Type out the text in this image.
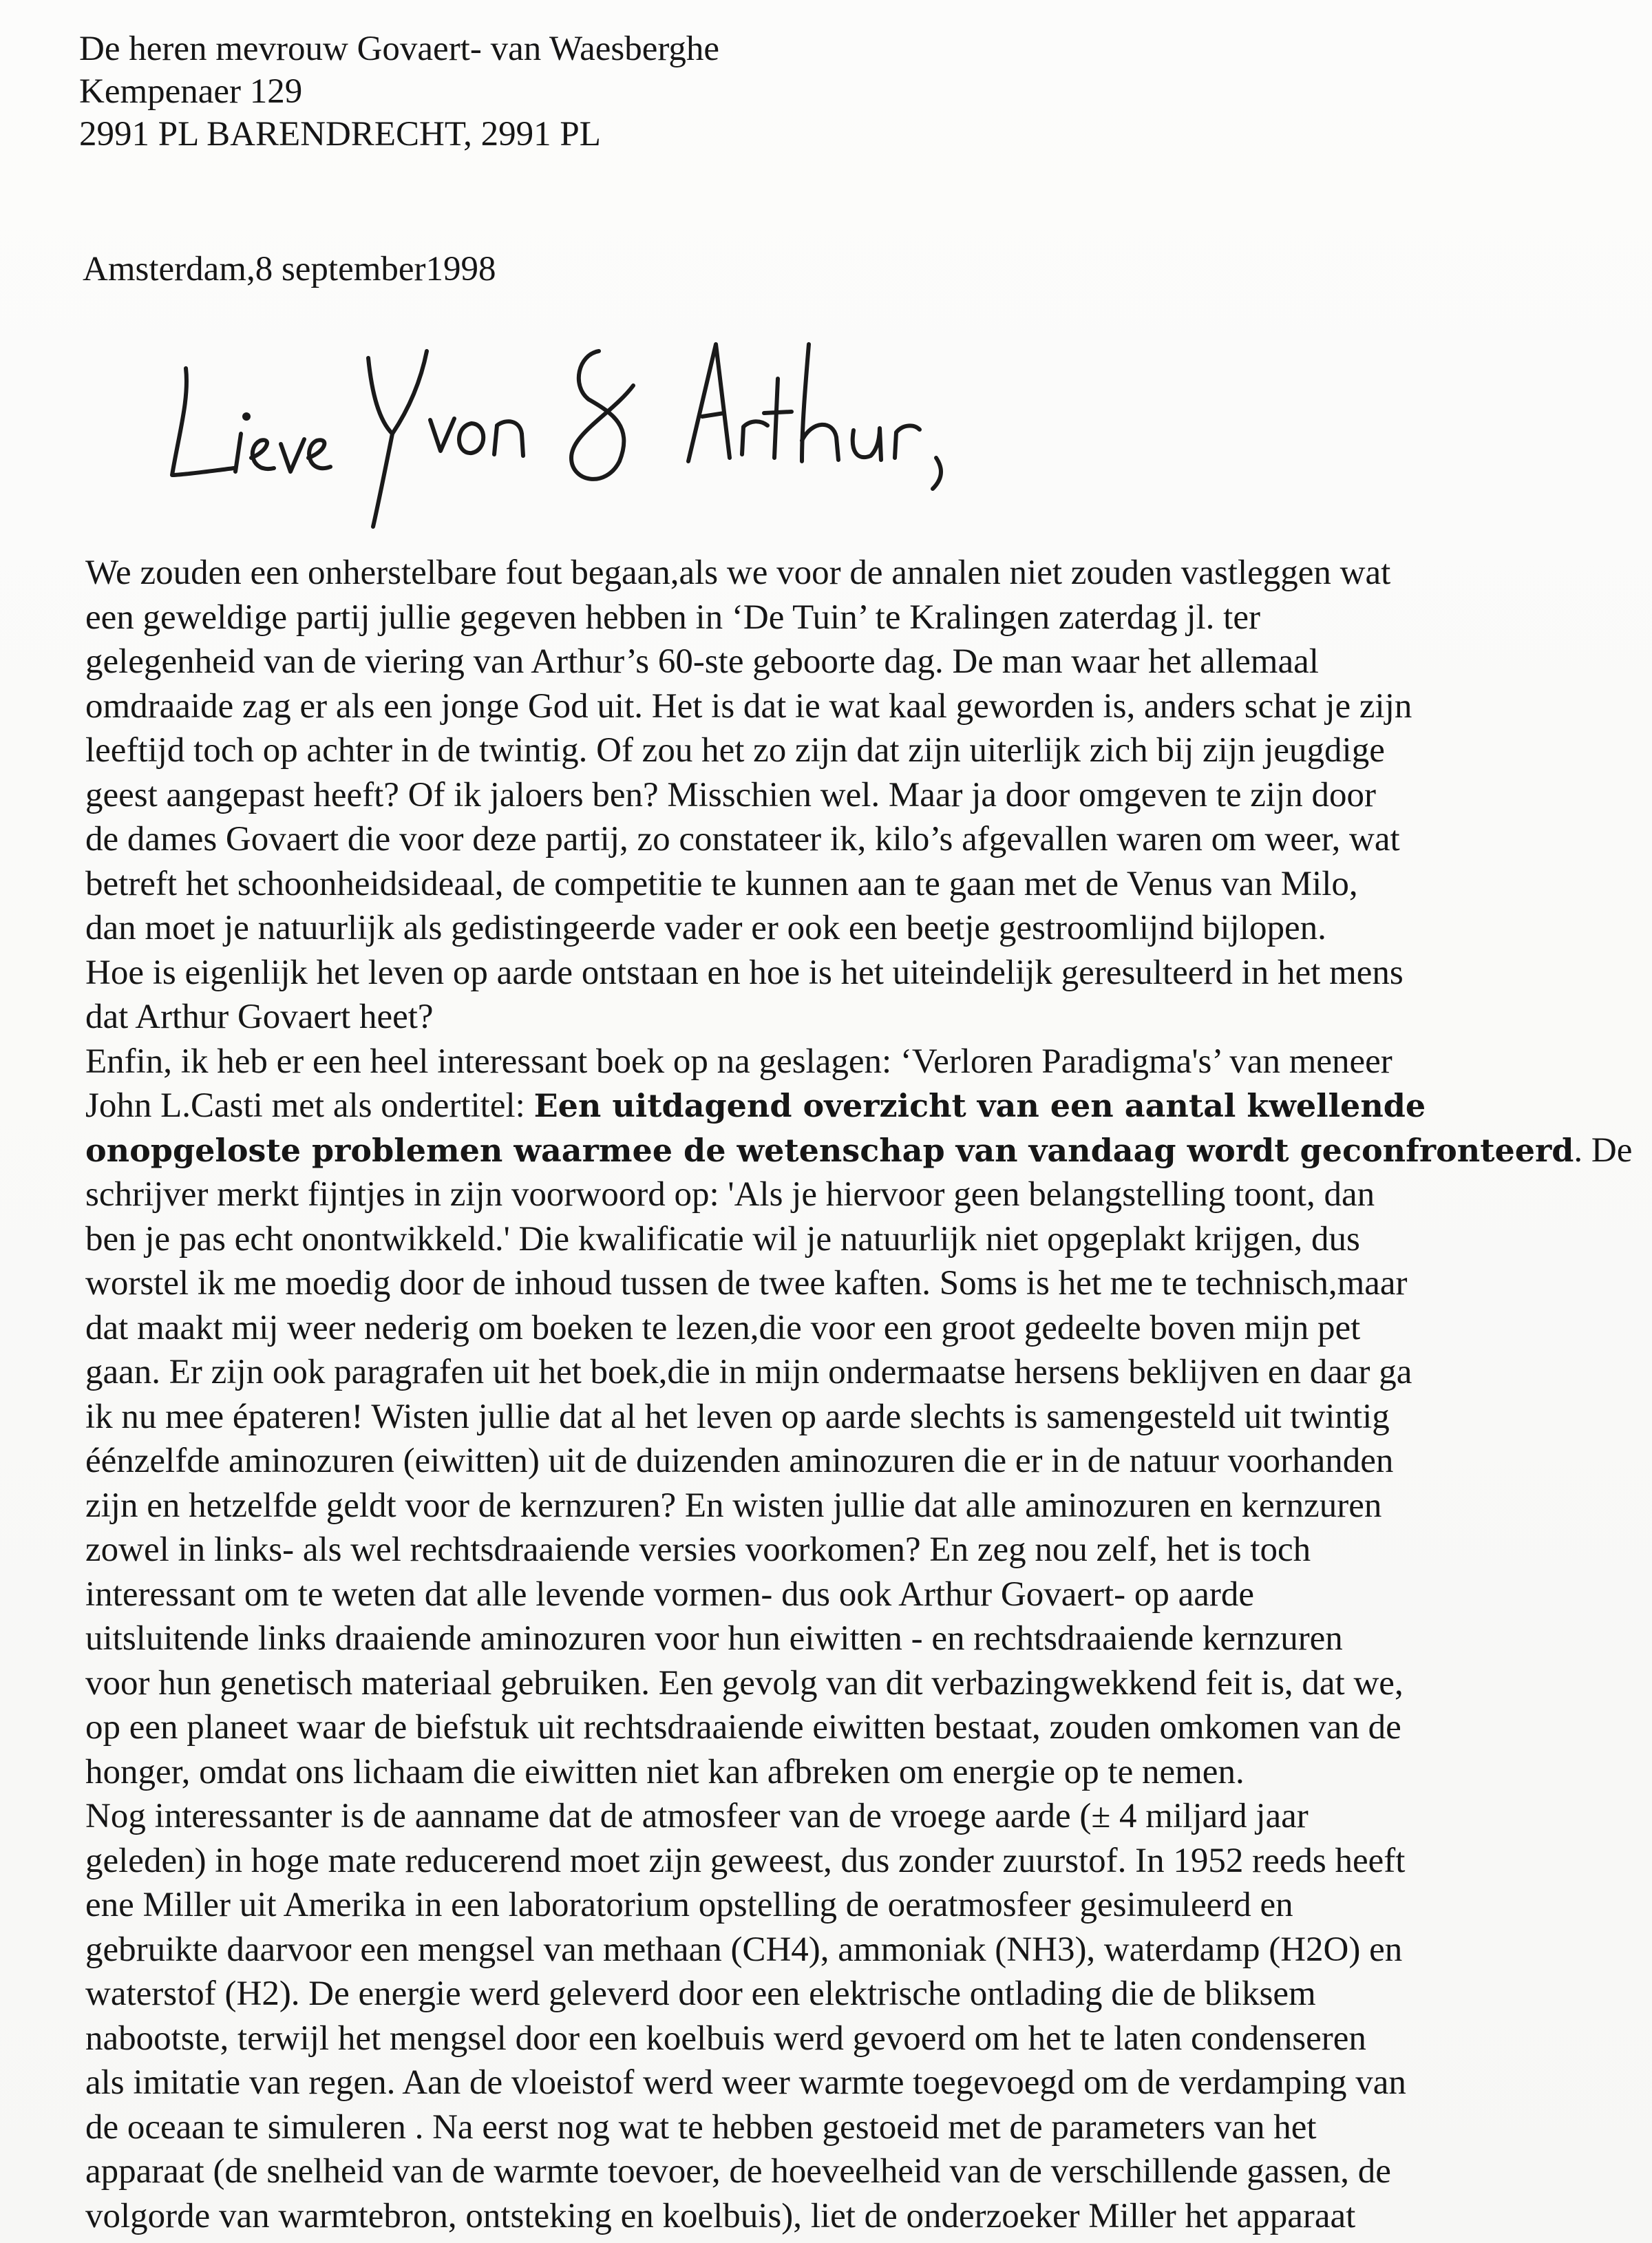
De heren mevrouw Govaert- van Waesberghe
Kempenaer 129
2991 PL BARENDRECHT, 2991 PL
Amsterdam,8 september1998
We zouden een onherstelbare fout begaan,als we voor de annalen niet zouden vastleggen wat
een geweldige partij jullie gegeven hebben in ‘De Tuin’ te Kralingen zaterdag jl. ter
gelegenheid van de viering van Arthur’s 60-ste geboorte dag. De man waar het allemaal
omdraaide zag er als een jonge God uit. Het is dat ie wat kaal geworden is, anders schat je zijn
leeftijd toch op achter in de twintig. Of zou het zo zijn dat zijn uiterlijk zich bij zijn jeugdige
geest aangepast heeft? Of ik jaloers ben? Misschien wel. Maar ja door omgeven te zijn door
de dames Govaert die voor deze partij, zo constateer ik, kilo’s afgevallen waren om weer, wat
betreft het schoonheidsideaal, de competitie te kunnen aan te gaan met de Venus van Milo,
dan moet je natuurlijk als gedistingeerde vader er ook een beetje gestroomlijnd bijlopen.
Hoe is eigenlijk het leven op aarde ontstaan en hoe is het uiteindelijk geresulteerd in het mens
dat Arthur Govaert heet?
Enfin, ik heb er een heel interessant boek op na geslagen: ‘Verloren Paradigma's’ van meneer
John L.Casti met als ondertitel: Een uitdagend overzicht van een aantal kwellende
onopgeloste problemen waarmee de wetenschap van vandaag wordt geconfronteerd. De
schrijver merkt fijntjes in zijn voorwoord op: 'Als je hiervoor geen belangstelling toont, dan
ben je pas echt onontwikkeld.' Die kwalificatie wil je natuurlijk niet opgeplakt krijgen, dus
worstel ik me moedig door de inhoud tussen de twee kaften. Soms is het me te technisch,maar
dat maakt mij weer nederig om boeken te lezen,die voor een groot gedeelte boven mijn pet
gaan. Er zijn ook paragrafen uit het boek,die in mijn ondermaatse hersens beklijven en daar ga
ik nu mee épateren! Wisten jullie dat al het leven op aarde slechts is samengesteld uit twintig
éénzelfde aminozuren (eiwitten) uit de duizenden aminozuren die er in de natuur voorhanden
zijn en hetzelfde geldt voor de kernzuren? En wisten jullie dat alle aminozuren en kernzuren
zowel in links- als wel rechtsdraaiende versies voorkomen? En zeg nou zelf, het is toch
interessant om te weten dat alle levende vormen- dus ook Arthur Govaert- op aarde
uitsluitende links draaiende aminozuren voor hun eiwitten - en rechtsdraaiende kernzuren
voor hun genetisch materiaal gebruiken. Een gevolg van dit verbazingwekkend feit is, dat we,
op een planeet waar de biefstuk uit rechtsdraaiende eiwitten bestaat, zouden omkomen van de
honger, omdat ons lichaam die eiwitten niet kan afbreken om energie op te nemen.
Nog interessanter is de aanname dat de atmosfeer van de vroege aarde (± 4 miljard jaar
geleden) in hoge mate reducerend moet zijn geweest, dus zonder zuurstof. In 1952 reeds heeft
ene Miller uit Amerika in een laboratorium opstelling de oeratmosfeer gesimuleerd en
gebruikte daarvoor een mengsel van methaan (CH4), ammoniak (NH3), waterdamp (H2O) en
waterstof (H2). De energie werd geleverd door een elektrische ontlading die de bliksem
nabootste, terwijl het mengsel door een koelbuis werd gevoerd om het te laten condenseren
als imitatie van regen. Aan de vloeistof werd weer warmte toegevoegd om de verdamping van
de oceaan te simuleren . Na eerst nog wat te hebben gestoeid met de parameters van het
apparaat (de snelheid van de warmte toevoer, de hoeveelheid van de verschillende gassen, de
volgorde van warmtebron, ontsteking en koelbuis), liet de onderzoeker Miller het apparaat
